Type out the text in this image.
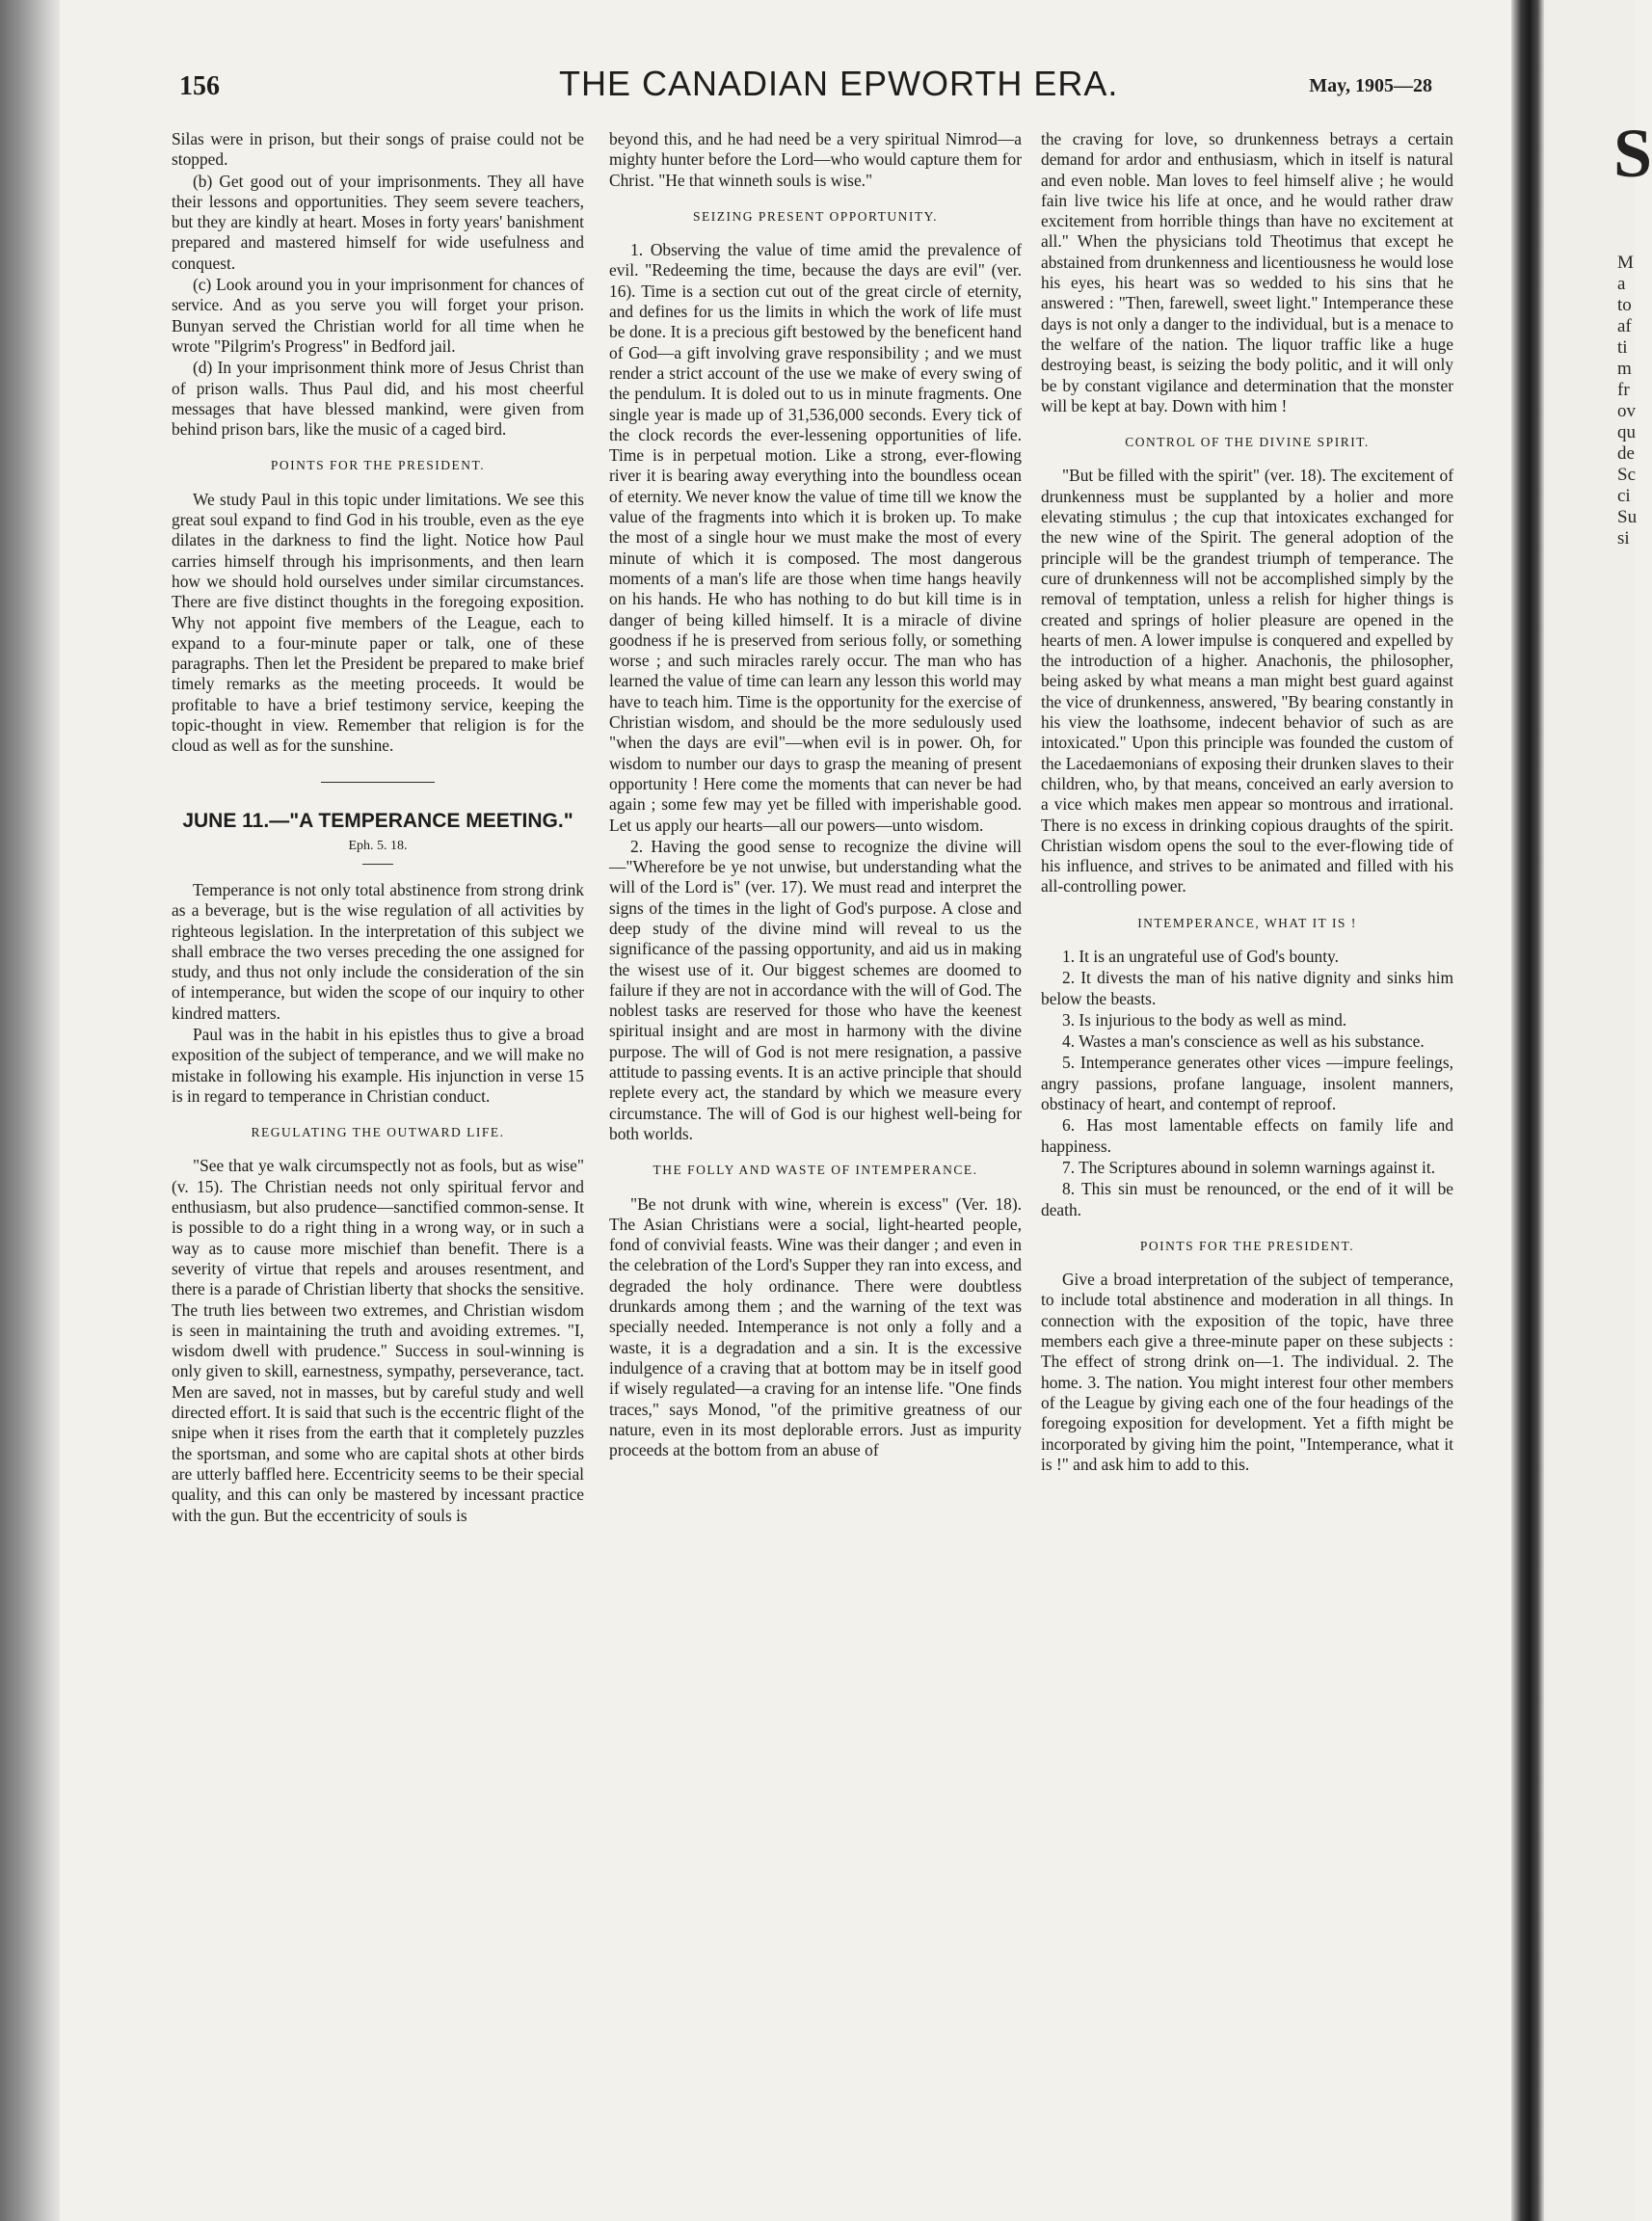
156	THE CANADIAN EPWORTH ERA.	May, 1905—28

Silas were in prison, but their songs of praise could not be stopped.

(b) Get good out of your imprisonments. They all have their lessons and opportunities. They seem severe teachers, but they are kindly at heart. Moses in forty years' banishment prepared and mastered himself for wide usefulness and conquest.

(c) Look around you in your imprisonment for chances of service. And as you serve you will forget your prison. Bunyan served the Christian world for all time when he wrote "Pilgrim's Progress" in Bedford jail.

(d) In your imprisonment think more of Jesus Christ than of prison walls. Thus Paul did, and his most cheerful messages that have blessed mankind, were given from behind prison bars, like the music of a caged bird.

POINTS FOR THE PRESIDENT.

We study Paul in this topic under limitations. We see this great soul expand to find God in his trouble, even as the eye dilates in the darkness to find the light. Notice how Paul carries himself through his imprisonments, and then learn how we should hold ourselves under similar circumstances. There are five distinct thoughts in the foregoing exposition. Why not appoint five members of the League, each to expand to a four-minute paper or talk, one of these paragraphs. Then let the President be prepared to make brief timely remarks as the meeting proceeds. It would be profitable to have a brief testimony service, keeping the topic-thought in view. Remember that religion is for the cloud as well as for the sunshine.

JUNE 11.—"A TEMPERANCE MEETING."

Eph. 5. 18.

Temperance is not only total abstinence from strong drink as a beverage, but is the wise regulation of all activities by righteous legislation. In the interpretation of this subject we shall embrace the two verses preceding the one assigned for study, and thus not only include the consideration of the sin of intemperance, but widen the scope of our inquiry to other kindred matters.

Paul was in the habit in his epistles thus to give a broad exposition of the subject of temperance, and we will make no mistake in following his example. His injunction in verse 15 is in regard to temperance in Christian conduct.

REGULATING THE OUTWARD LIFE.

"See that ye walk circumspectly not as fools, but as wise" (v. 15). The Christian needs not only spiritual fervor and enthusiasm, but also prudence—sanctified common-sense. It is possible to do a right thing in a wrong way, or in such a way as to cause more mischief than benefit. There is a severity of virtue that repels and arouses resentment, and there is a parade of Christian liberty that shocks the sensitive. The truth lies between two extremes, and Christian wisdom is seen in maintaining the truth and avoiding extremes. "I, wisdom dwell with prudence." Success in soul-winning is only given to skill, earnestness, sympathy, perseverance, tact. Men are saved, not in masses, but by careful study and well directed effort. It is said that such is the eccentric flight of the snipe when it rises from the earth that it completely puzzles the sportsman, and some who are capital shots at other birds are utterly baffled here. Eccentricity seems to be their special quality, and this can only be mastered by incessant practice with the gun. But the eccentricity of souls is

beyond this, and he had need be a very spiritual Nimrod—a mighty hunter before the Lord—who would capture them for Christ. "He that winneth souls is wise."

SEIZING PRESENT OPPORTUNITY.

1. Observing the value of time amid the prevalence of evil. "Redeeming the time, because the days are evil" (ver. 16). Time is a section cut out of the great circle of eternity, and defines for us the limits in which the work of life must be done. It is a precious gift bestowed by the beneficent hand of God—a gift involving grave responsibility ; and we must render a strict account of the use we make of every swing of the pendulum. It is doled out to us in minute fragments. One single year is made up of 31,536,000 seconds. Every tick of the clock records the ever-lessening opportunities of life. Time is in perpetual motion. Like a strong, ever-flowing river it is bearing away everything into the boundless ocean of eternity. We never know the value of time till we know the value of the fragments into which it is broken up. To make the most of a single hour we must make the most of every minute of which it is composed. The most dangerous moments of a man's life are those when time hangs heavily on his hands. He who has nothing to do but kill time is in danger of being killed himself. It is a miracle of divine goodness if he is preserved from serious folly, or something worse ; and such miracles rarely occur. The man who has learned the value of time can learn any lesson this world may have to teach him. Time is the opportunity for the exercise of Christian wisdom, and should be the more sedulously used "when the days are evil"—when evil is in power. Oh, for wisdom to number our days to grasp the meaning of present opportunity ! Here come the moments that can never be had again ; some few may yet be filled with imperishable good. Let us apply our hearts—all our powers—unto wisdom.

2. Having the good sense to recognize the divine will—"Wherefore be ye not unwise, but understanding what the will of the Lord is" (ver. 17). We must read and interpret the signs of the times in the light of God's purpose. A close and deep study of the divine mind will reveal to us the significance of the passing opportunity, and aid us in making the wisest use of it. Our biggest schemes are doomed to failure if they are not in accordance with the will of God. The noblest tasks are reserved for those who have the keenest spiritual insight and are most in harmony with the divine purpose. The will of God is not mere resignation, a passive attitude to passing events. It is an active principle that should replete every act, the standard by which we measure every circumstance. The will of God is our highest well-being for both worlds.

THE FOLLY AND WASTE OF INTEMPERANCE.

"Be not drunk with wine, wherein is excess" (Ver. 18). The Asian Christians were a social, light-hearted people, fond of convivial feasts. Wine was their danger ; and even in the celebration of the Lord's Supper they ran into excess, and degraded the holy ordinance. There were doubtless drunkards among them ; and the warning of the text was specially needed. Intemperance is not only a folly and a waste, it is a degradation and a sin. It is the excessive indulgence of a craving that at bottom may be in itself good if wisely regulated—a craving for an intense life. "One finds traces," says Monod, "of the primitive greatness of our nature, even in its most deplorable errors. Just as impurity proceeds at the bottom from an abuse of

the craving for love, so drunkenness betrays a certain demand for ardor and enthusiasm, which in itself is natural and even noble. Man loves to feel himself alive ; he would fain live twice his life at once, and he would rather draw excitement from horrible things than have no excitement at all." When the physicians told Theotimus that except he abstained from drunkenness and licentiousness he would lose his eyes, his heart was so wedded to his sins that he answered : "Then, farewell, sweet light." Intemperance these days is not only a danger to the individual, but is a menace to the welfare of the nation. The liquor traffic like a huge destroying beast, is seizing the body politic, and it will only be by constant vigilance and determination that the monster will be kept at bay. Down with him !

CONTROL OF THE DIVINE SPIRIT.

"But be filled with the spirit" (ver. 18). The excitement of drunkenness must be supplanted by a holier and more elevating stimulus ; the cup that intoxicates exchanged for the new wine of the Spirit. The general adoption of the principle will be the grandest triumph of temperance. The cure of drunkenness will not be accomplished simply by the removal of temptation, unless a relish for higher things is created and springs of holier pleasure are opened in the hearts of men. A lower impulse is conquered and expelled by the introduction of a higher. Anachonis, the philosopher, being asked by what means a man might best guard against the vice of drunkenness, answered, "By bearing constantly in his view the loathsome, indecent behavior of such as are intoxicated." Upon this principle was founded the custom of the Lacedaemonians of exposing their drunken slaves to their children, who, by that means, conceived an early aversion to a vice which makes men appear so montrous and irrational. There is no excess in drinking copious draughts of the spirit. Christian wisdom opens the soul to the ever-flowing tide of his influence, and strives to be animated and filled with his all-controlling power.

INTEMPERANCE, WHAT IT IS !

1. It is an ungrateful use of God's bounty.

2. It divests the man of his native dignity and sinks him below the beasts.

3. Is injurious to the body as well as mind.

4. Wastes a man's conscience as well as his substance.

5. Intemperance generates other vices —impure feelings, angry passions, profane language, insolent manners, obstinacy of heart, and contempt of reproof.

6. Has most lamentable effects on family life and happiness.

7. The Scriptures abound in solemn warnings against it.

8. This sin must be renounced, or the end of it will be death.

POINTS FOR THE PRESIDENT.

Give a broad interpretation of the subject of temperance, to include total abstinence and moderation in all things. In connection with the exposition of the topic, have three members each give a three-minute paper on these subjects : The effect of strong drink on—1. The individual. 2. The home. 3. The nation. You might interest four other members of the League by giving each one of the four headings of the foregoing exposition for development. Yet a fifth might be incorporated by giving him the point, "Intemperance, what it is !" and ask him to add to this.

S
M
a
to
af
ti
m
fr
ov
qu
de
Sc
ci
Su
si
